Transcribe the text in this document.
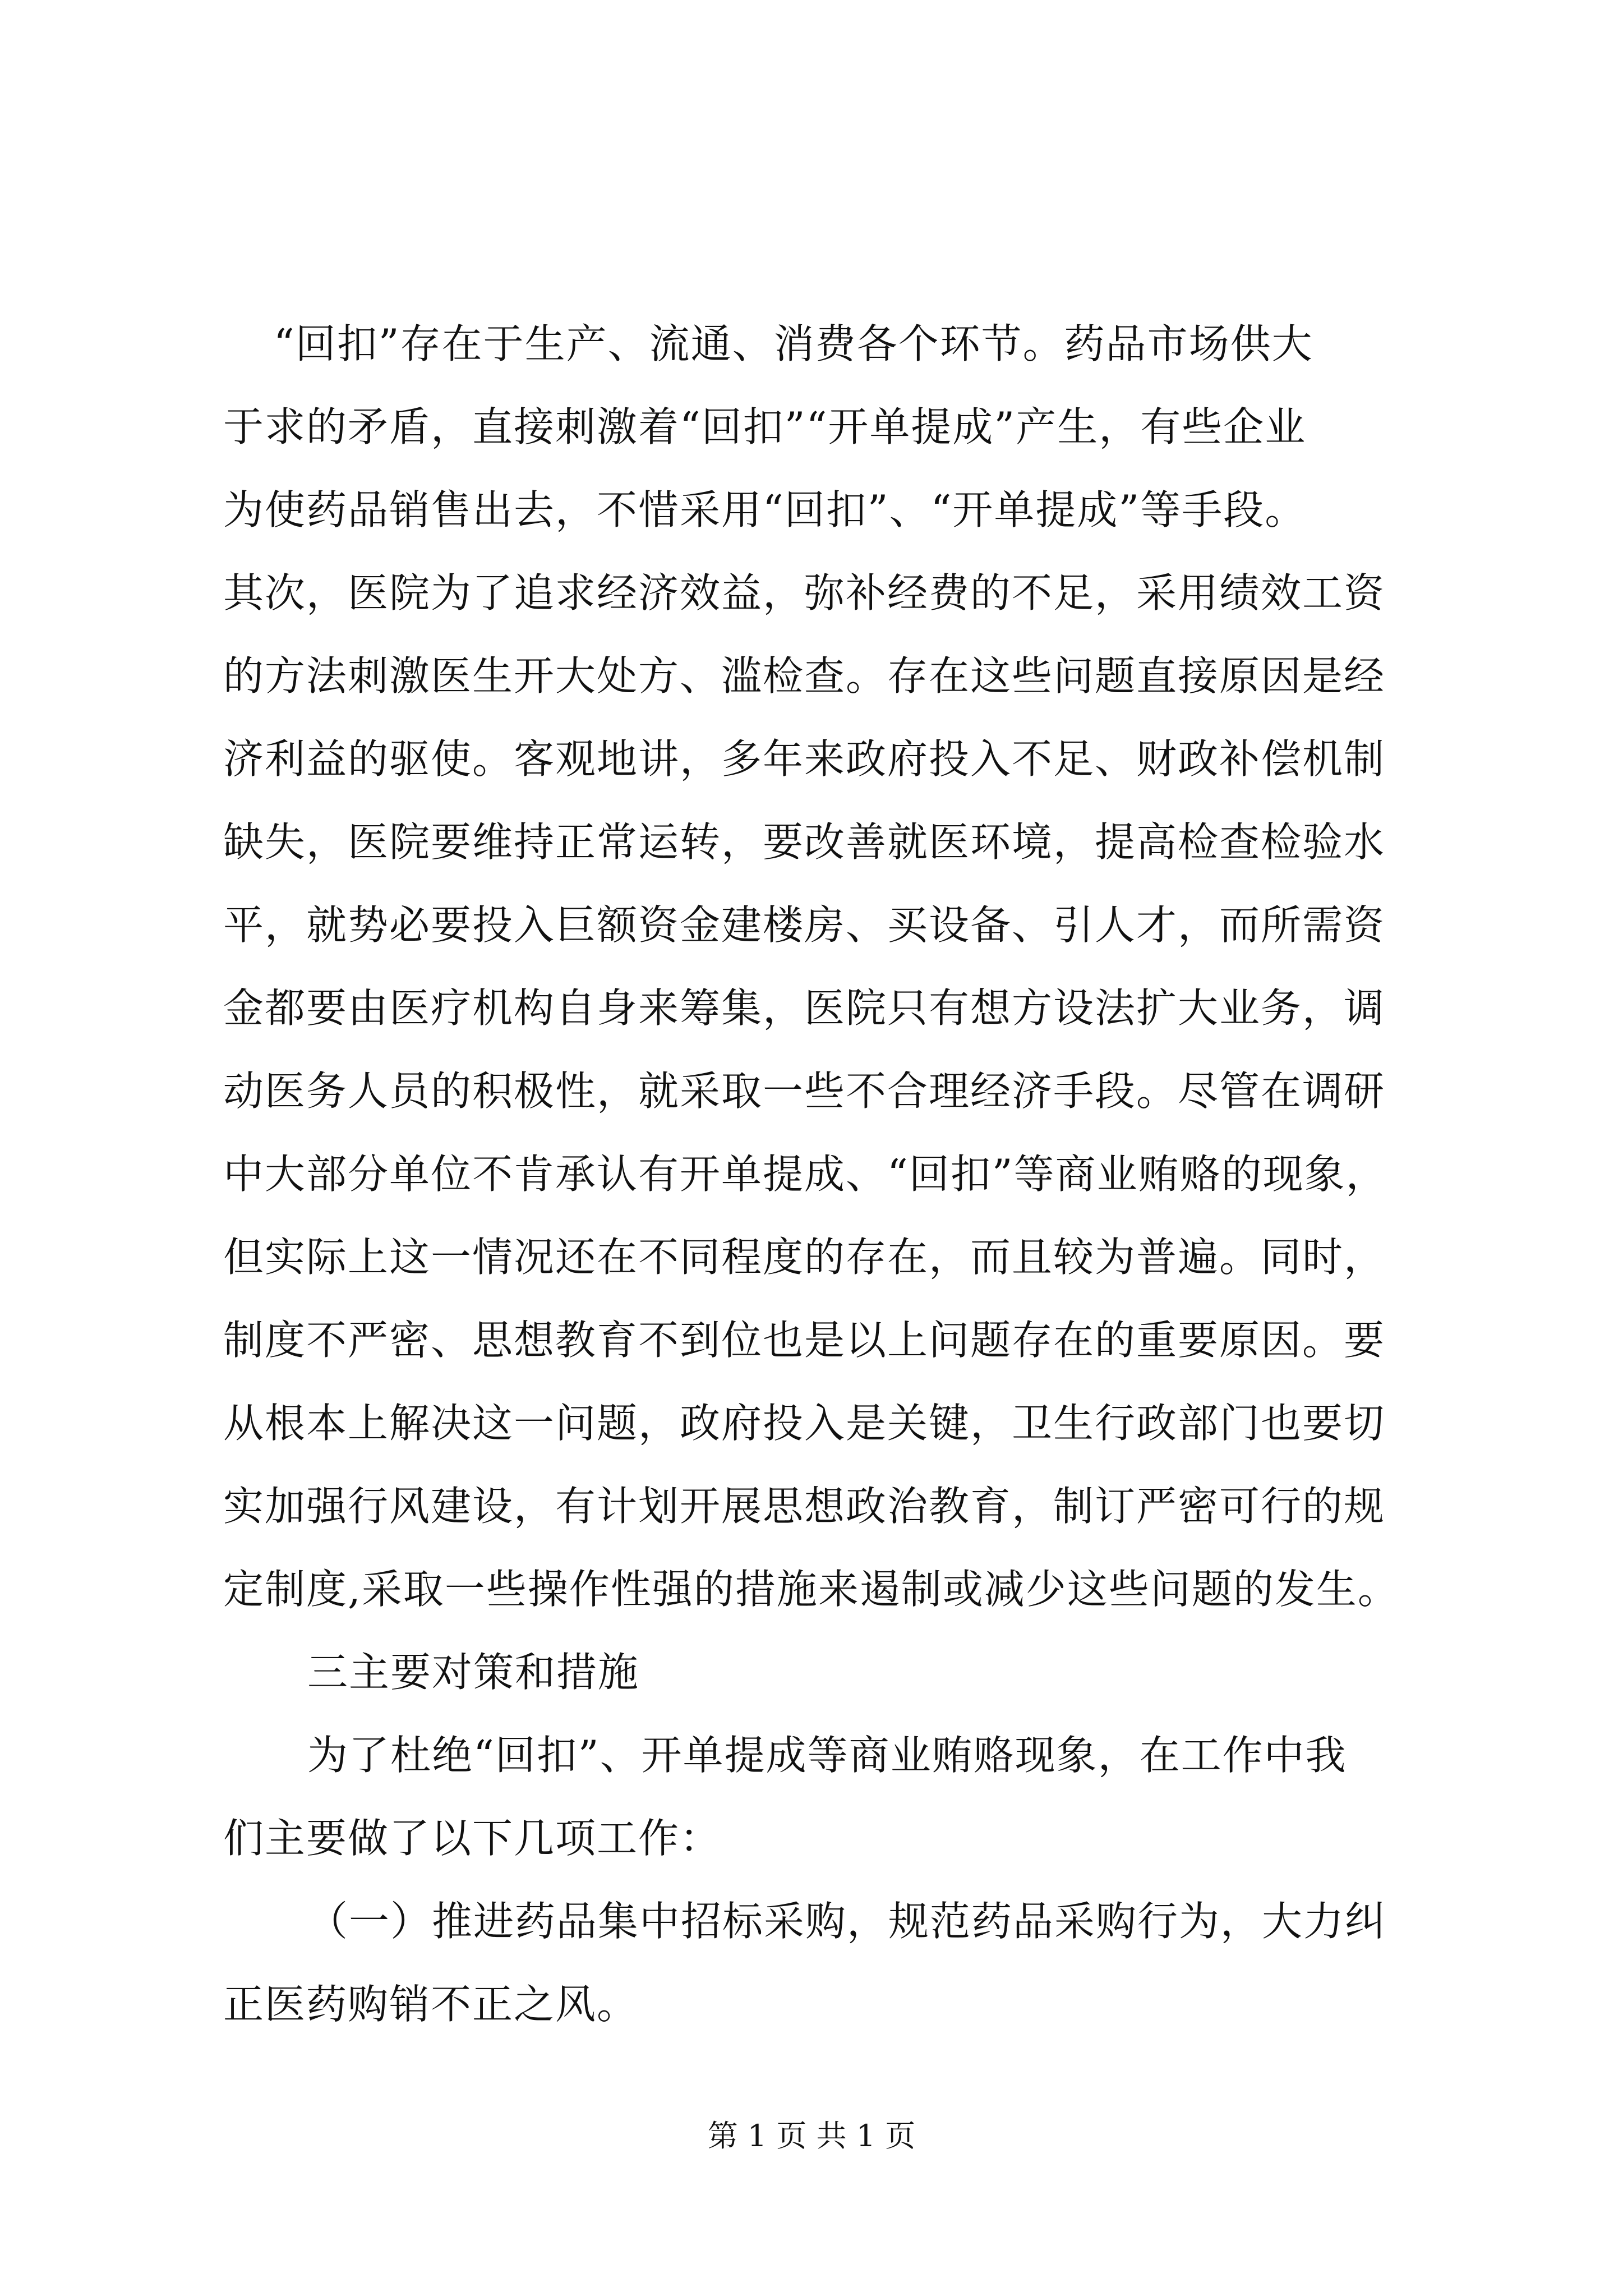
“回扣”存在于生产、流通、消费各个环节。药品市场供大
于求的矛盾，直接刺激着“回扣”“开单提成”产生，有些企业
为使药品销售出去，不惜采用“回扣”、“开单提成”等手段。
其次，医院为了追求经济效益，弥补经费的不足，采用绩效工资
的方法刺激医生开大处方、滥检查。存在这些问题直接原因是经
济利益的驱使。客观地讲，多年来政府投入不足、财政补偿机制
缺失，医院要维持正常运转，要改善就医环境，提高检查检验水
平，就势必要投入巨额资金建楼房、买设备、引人才，而所需资
金都要由医疗机构自身来筹集，医院只有想方设法扩大业务，调
动医务人员的积极性，就采取一些不合理经济手段。尽管在调研
中大部分单位不肯承认有开单提成、“回扣”等商业贿赂的现象，
但实际上这一情况还在不同程度的存在，而且较为普遍。同时，
制度不严密、思想教育不到位也是以上问题存在的重要原因。要
从根本上解决这一问题，政府投入是关键，卫生行政部门也要切
实加强行风建设，有计划开展思想政治教育，制订严密可行的规
定制度,采取一些操作性强的措施来遏制或减少这些问题的发生。
三主要对策和措施
为了杜绝“回扣”、开单提成等商业贿赂现象，在工作中我
们主要做了以下几项工作：
（一）推进药品集中招标采购，规范药品采购行为，大力纠
正医药购销不正之风。
第 1 页 共 1 页
